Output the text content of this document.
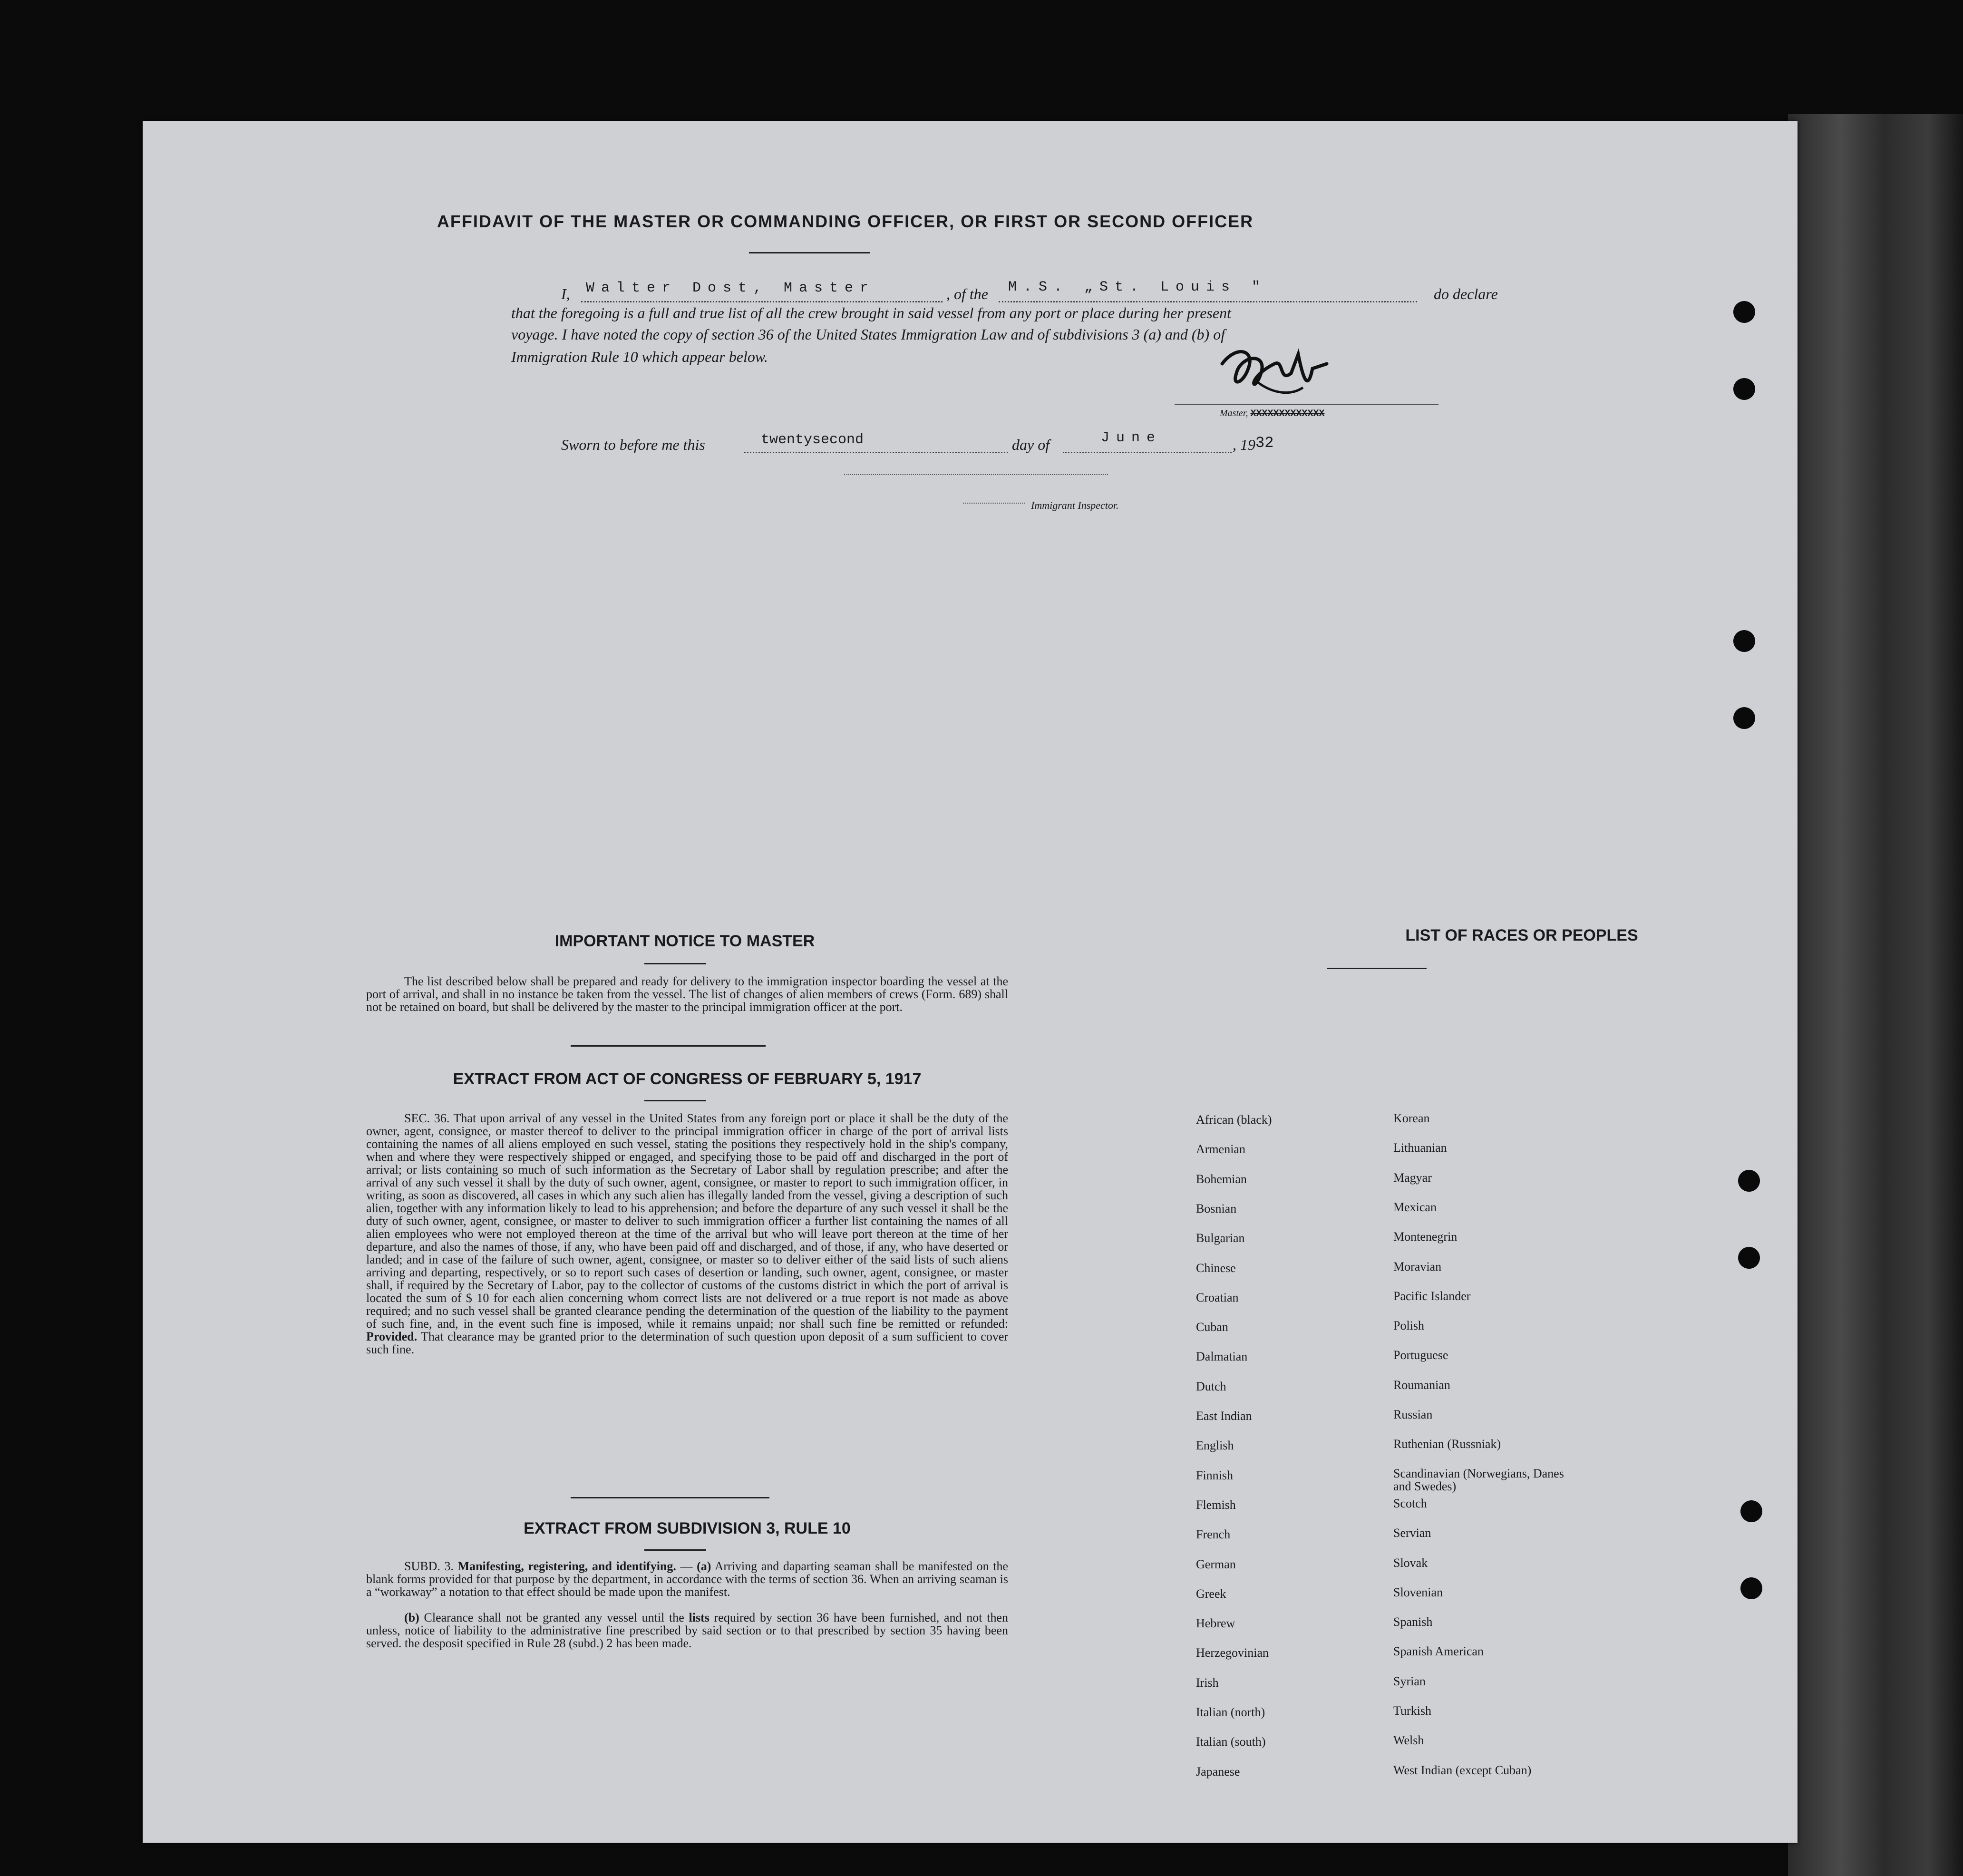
AFFIDAVIT OF THE MASTER OR COMMANDING OFFICER, OR FIRST OR SECOND OFFICER
I, Walter Dost, Master	, of the M.S. „St. Louis "	do declare
that the foregoing is a full and true list of all the crew brought in said vessel from any port or place during her present
voyage. I have noted the copy of section 36 of the United States Immigration Law and of subdivisions 3 (a) and (b) of
Immigration Rule 10 which appear below.
Master, XXXXXXXXXXXXX
Sworn to before me this	twentysecond	day of	June	, 1932
Immigrant Inspector.
IMPORTANT NOTICE TO MASTER
The list described below shall be prepared and ready for delivery to the immigration inspector boarding the vessel at the port of arrival, and shall in no instance be taken from the vessel. The list of changes of alien members of crews (Form. 689) shall not be retained on board, but shall be delivered by the master to the principal immigration officer at the port.
EXTRACT FROM ACT OF CONGRESS OF FEBRUARY 5, 1917
SEC. 36. That upon arrival of any vessel in the United States from any foreign port or place it shall be the duty of the owner, agent, consignee, or master thereof to deliver to the principal immigration officer in charge of the port of arrival lists containing the names of all aliens employed en such vessel, stating the positions they respectively hold in the ship's company, when and where they were respectively shipped or engaged, and specifying those to be paid off and discharged in the port of arrival; or lists containing so much of such information as the Secretary of Labor shall by regulation prescribe; and after the arrival of any such vessel it shall by the duty of such owner, agent, consignee, or master to report to such immigration officer, in writing, as soon as discovered, all cases in which any such alien has illegally landed from the vessel, giving a description of such alien, together with any information likely to lead to his apprehension; and before the departure of any such vessel it shall be the duty of such owner, agent, consignee, or master to deliver to such immigration officer a further list containing the names of all alien employees who were not employed thereon at the time of the arrival but who will leave port thereon at the time of her departure, and also the names of those, if any, who have been paid off and discharged, and of those, if any, who have deserted or landed; and in case of the failure of such owner, agent, consignee, or master so to deliver either of the said lists of such aliens arriving and departing, respectively, or so to report such cases of desertion or landing, such owner, agent, consignee, or master shall, if required by the Secretary of Labor, pay to the collector of customs of the customs district in which the port of arrival is located the sum of $ 10 for each alien concerning whom correct lists are not delivered or a true report is not made as above required; and no such vessel shall be granted clearance pending the determination of the question of the liability to the payment of such fine, and, in the event such fine is imposed, while it remains unpaid; nor shall such fine be remitted or refunded: Provided. That clearance may be granted prior to the determination of such question upon deposit of a sum sufficient to cover such fine.
EXTRACT FROM SUBDIVISION 3, RULE 10
SUBD. 3. Manifesting, registering, and identifying. — (a) Arriving and daparting seaman shall be manifested on the blank forms provided for that purpose by the department, in accordance with the terms of section 36. When an arriving seaman is a “workaway” a notation to that effect should be made upon the manifest.
(b) Clearance shall not be granted any vessel until the lists required by section 36 have been furnished, and not then unless, notice of liability to the administrative fine prescribed by said section or to that prescribed by section 35 having been served. the desposit specified in Rule 28 (subd.) 2 has been made.
LIST OF RACES OR PEOPLES
African (black)
Armenian
Bohemian
Bosnian
Bulgarian
Chinese
Croatian
Cuban
Dalmatian
Dutch
East Indian
English
Finnish
Flemish
French
German
Greek
Hebrew
Herzegovinian
Irish
Italian (north)
Italian (south)
Japanese
Korean
Lithuanian
Magyar
Mexican
Montenegrin
Moravian
Pacific Islander
Polish
Portuguese
Roumanian
Russian
Ruthenian (Russniak)
Scandinavian (Norwegians, Danes and Swedes)
Scotch
Servian
Slovak
Slovenian
Spanish
Spanish American
Syrian
Turkish
Welsh
West Indian (except Cuban)
